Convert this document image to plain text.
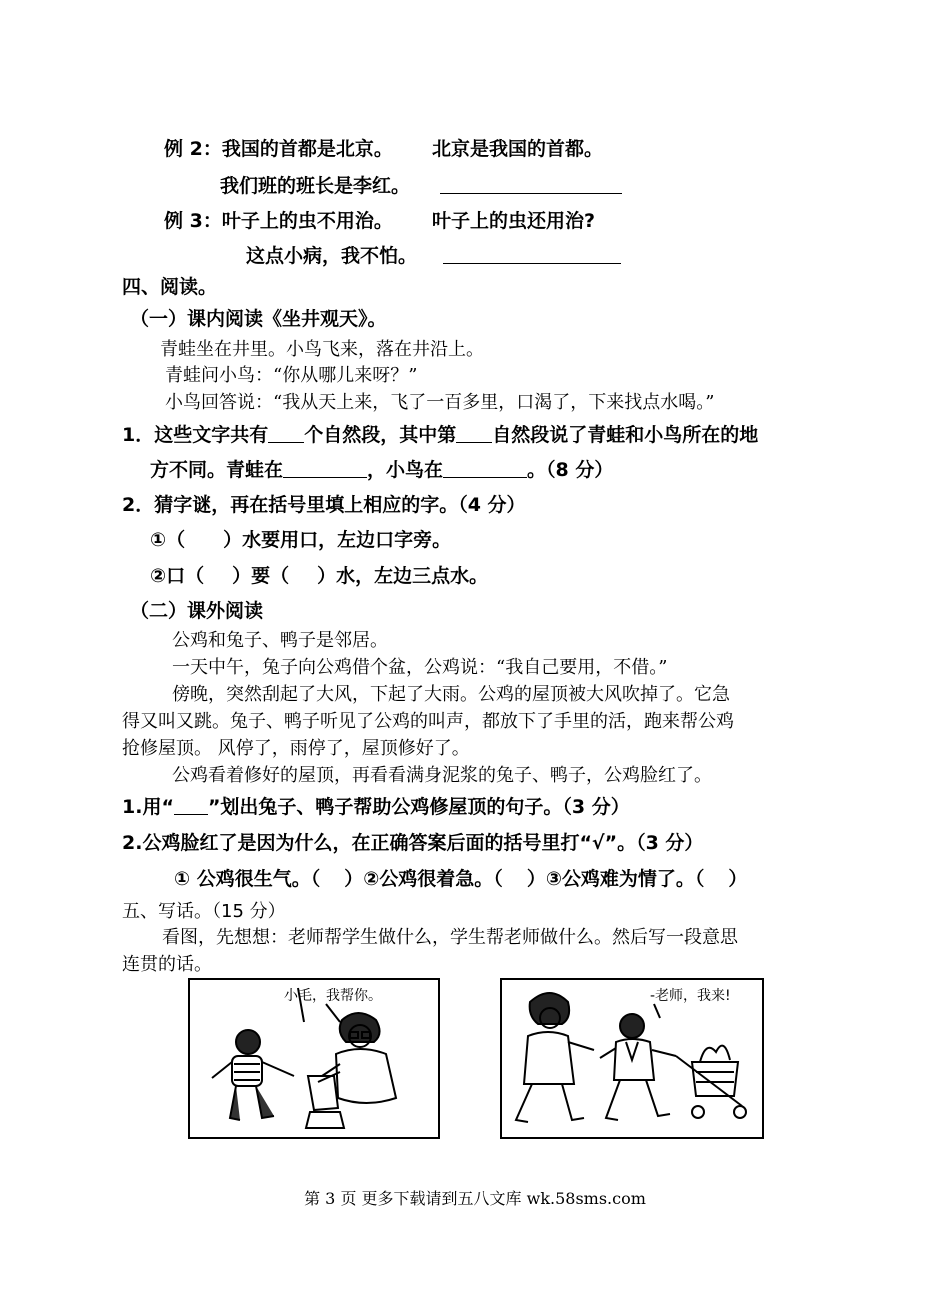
例 2：我国的首都是北京。 北京是我国的首都。
我们班的班长是李红。
例 3：叶子上的虫不用治。 叶子上的虫还用治?
这点小病，我不怕。
四、阅读。
（一）课内阅读《坐井观天》。
青蛙坐在井里。小鸟飞来，落在井沿上。
青蛙问小鸟：“你从哪儿来呀？”
小鸟回答说：“我从天上来，飞了一百多里，口渴了，下来找点水喝。”
1．这些文字共有 个自然段，其中第 自然段说了青蛙和小鸟所在的地
方不同。青蛙在	，小鸟在	。（8 分）
2．猜字谜，再在括号里填上相应的字。（4 分）
①（ ）水要用口，左边口字旁。
②口（ ）要（ ）水，左边三点水。
（二）课外阅读
公鸡和兔子、鸭子是邻居。
一天中午，兔子向公鸡借个盆，公鸡说：“我自己要用，不借。”
傍晚，突然刮起了大风，下起了大雨。公鸡的屋顶被大风吹掉了。它急
得又叫又跳。兔子、鸭子听见了公鸡的叫声，都放下了手里的活，跑来帮公鸡
抢修屋顶。 风停了，雨停了，屋顶修好了。
公鸡看着修好的屋顶，再看看满身泥浆的兔子、鸭子，公鸡脸红了。
1.用“ ”划出兔子、鸭子帮助公鸡修屋顶的句子。（3 分）
2.公鸡脸红了是因为什么，在正确答案后面的括号里打“√”。（3 分）
① 公鸡很生气。（ ）②公鸡很着急。（ ）③公鸡难为情了。（ ）
五、写话。（15 分）
看图，先想想：老师帮学生做什么，学生帮老师做什么。然后写一段意思
连贯的话。
小毛，我帮你。	-老师，我来!
第 3 页 更多下载请到五八文库 wk.58sms.com
